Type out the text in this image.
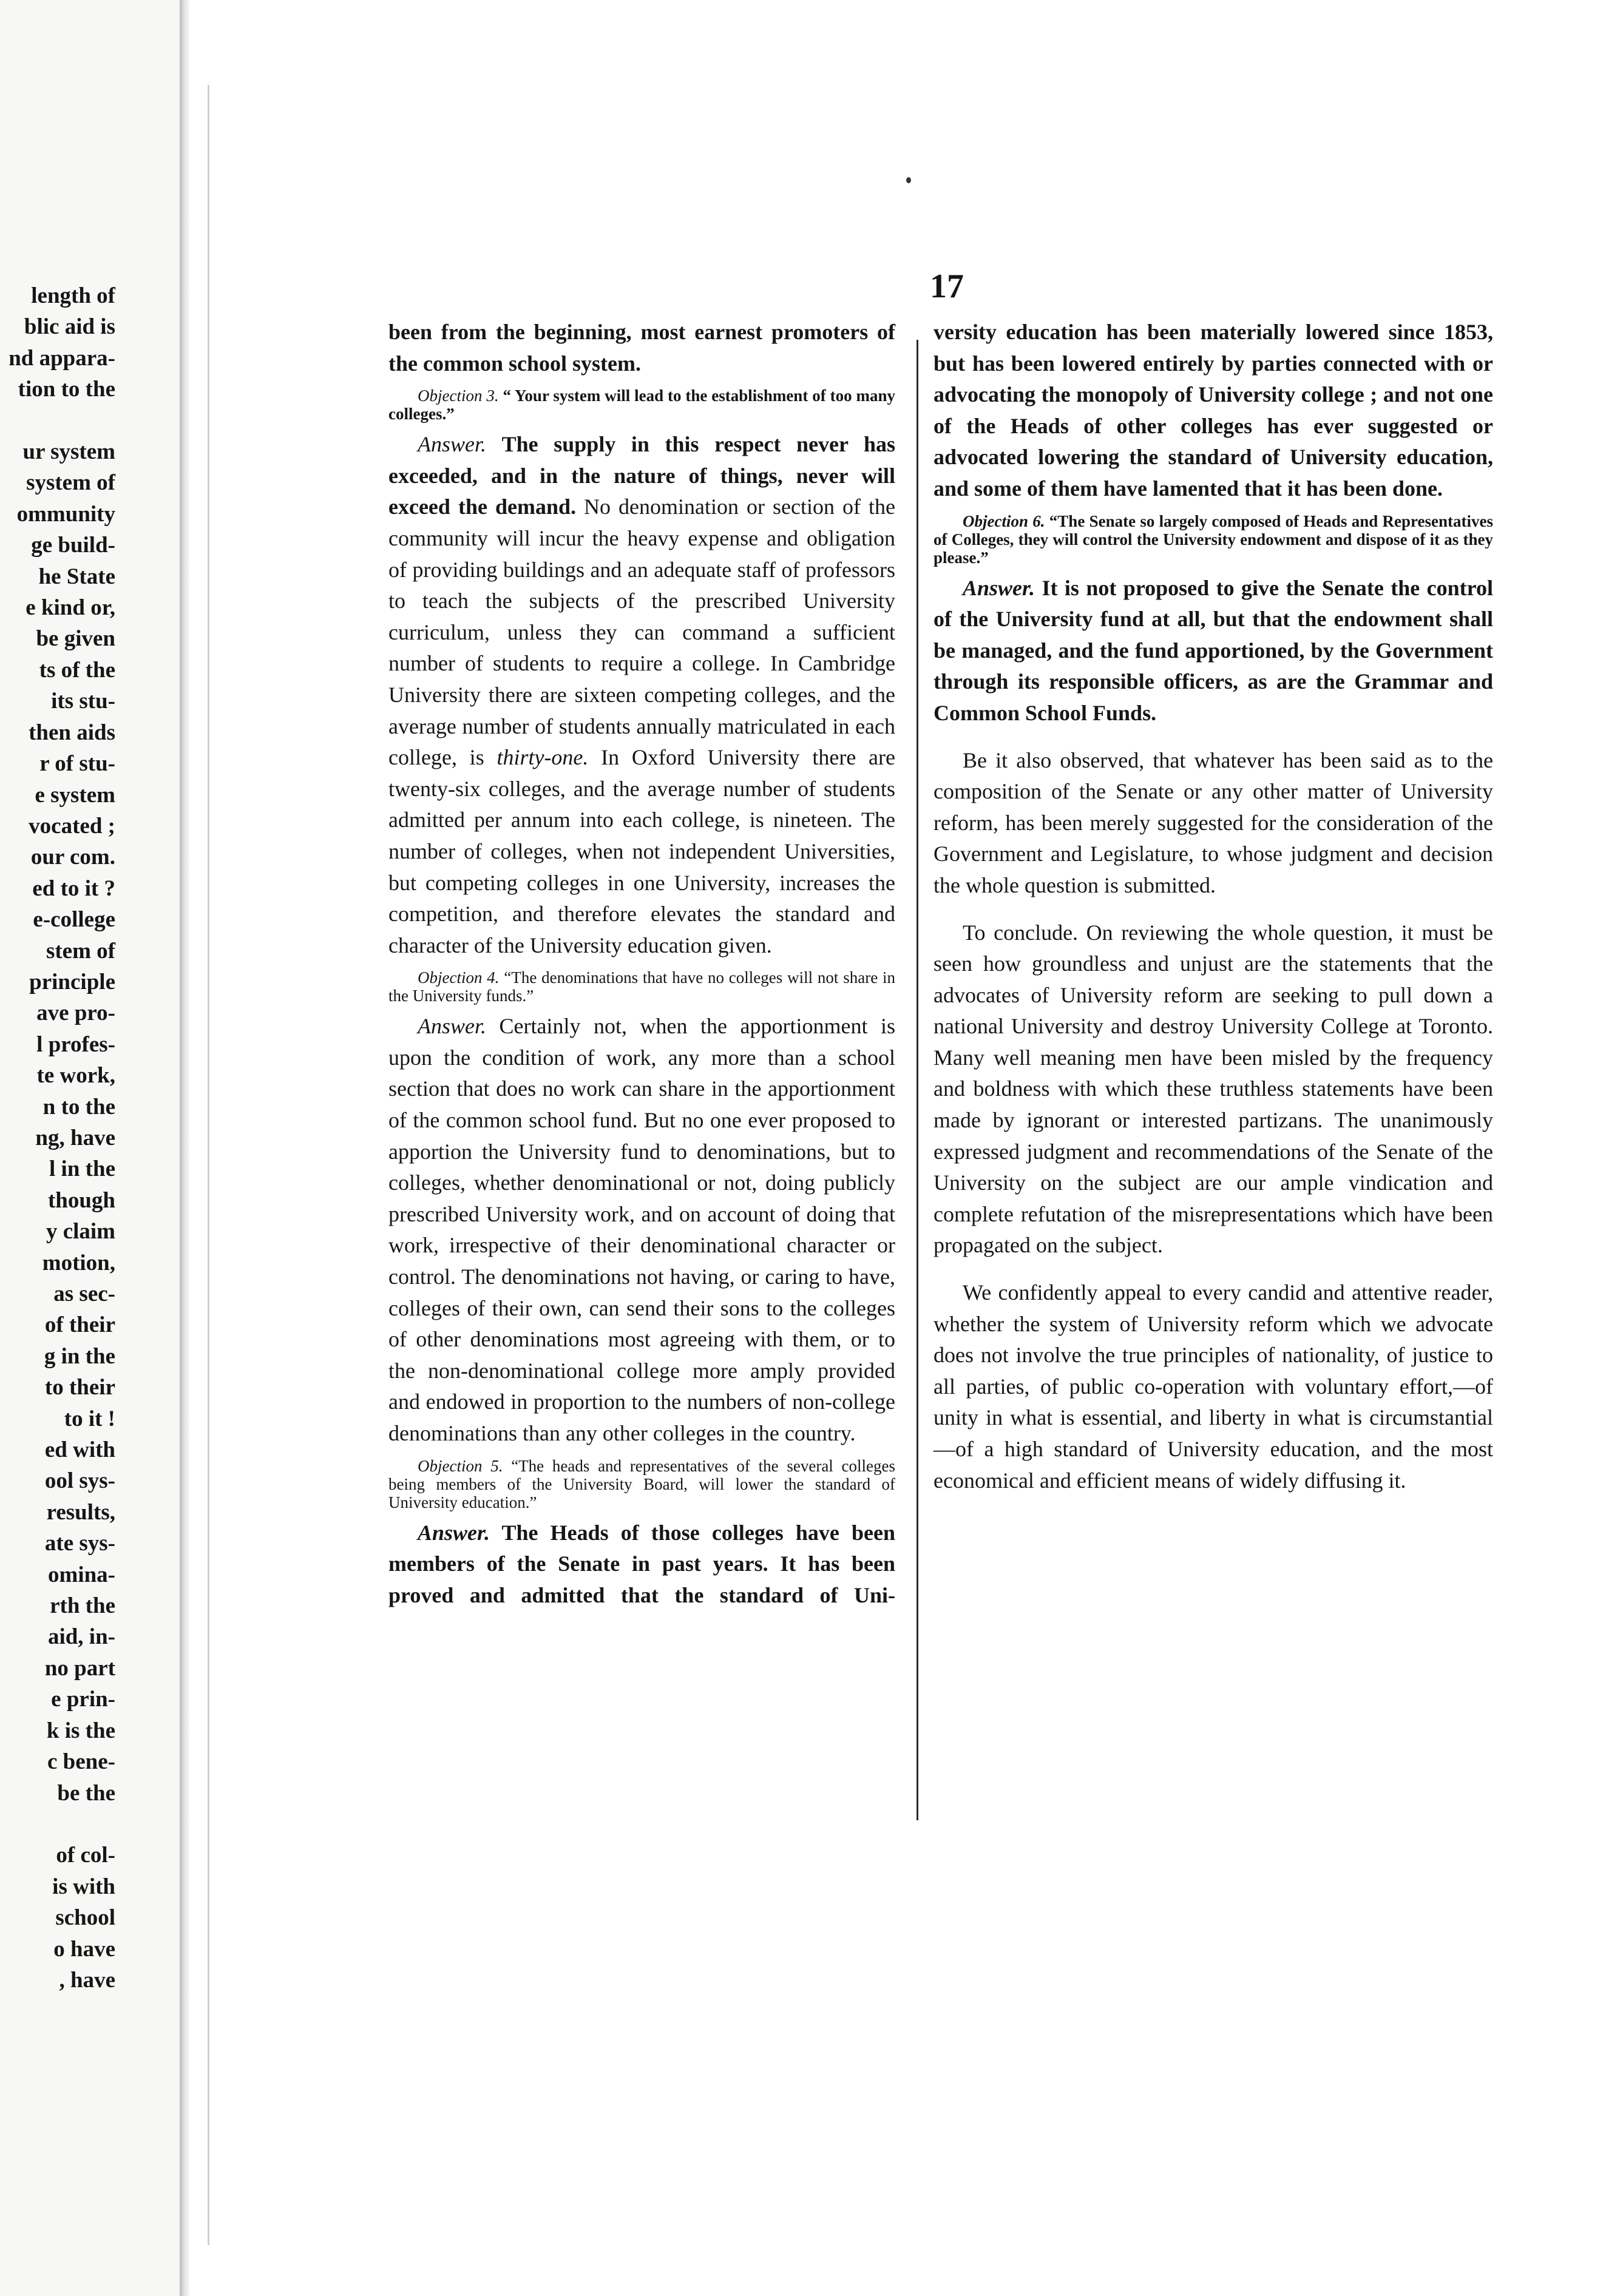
length of
blic aid is
nd appara-
tion to the

ur system
system of
ommunity
ge build-
he State
e kind or,
be given
ts of the
its stu-
then aids
r of stu-
e system
vocated ;
our com.
ed to it ?
e-college
stem of
principle
ave pro-
l profes-
te work,
n to the
ng, have
l in the
though
y claim
motion,
as sec-
of their
g in the
to their
to it !
ed with
ool sys-
results,
ate sys-
omina-
rth the
aid, in-
no part
e prin-
k is the
c bene-
be the

of col-
is with
school
o have
, have
17

been from the beginning, most earnest promoters of

the common school system.

Objection 3. “ Your system will lead to the establishment of too many colleges.”

Answer. The supply in this respect never has exceeded, and in the nature of things, never will exceed the demand. No denomination or section of the community will incur the heavy expense and obligation of providing buildings and an adequate staff of professors to teach the subjects of the prescribed University curriculum, unless they can command a sufficient number of students to require a college. In Cambridge University there are sixteen competing colleges, and the average number of students annually matriculated in each college, is thirty-one. In Oxford University there are twenty-six colleges, and the average number of students admitted per annum into each college, is nineteen. The number of colleges, when not independent Universities, but competing colleges in one University, increases the competition, and therefore elevates the standard and character of the University education given.

Objection 4. “The denominations that have no colleges will not share in the University funds.”

Answer. Certainly not, when the apportionment is upon the condition of work, any more than a school section that does no work can share in the apportionment of the common school fund. But no one ever proposed to apportion the University fund to denominations, but to colleges, whether denominational or not, doing publicly prescribed University work, and on account of doing that work, irrespective of their denominational character or control. The denominations not having, or caring to have, colleges of their own, can send their sons to the colleges of other denominations most agreeing with them, or to the non-denominational college more amply provided and endowed in proportion to the numbers of non-college denominations than any other colleges in the country.

Objection 5. “The heads and representatives of the several colleges being members of the University Board, will lower the standard of University education.”

Answer. The Heads of those colleges have been members of the Senate in past years. It has been proved and admitted that the standard of Uni-

versity education has been materially lowered since 1853, but has been lowered entirely by parties connected with or advocating the monopoly of University college ; and not one of the Heads of other colleges has ever suggested or advocated lowering the standard of University education, and some of them have lamented that it has been done.

Objection 6. “The Senate so largely composed of Heads and Representatives of Colleges, they will control the University endowment and dispose of it as they please.”

Answer. It is not proposed to give the Senate the control of the University fund at all, but that the endowment shall be managed, and the fund apportioned, by the Government through its responsible officers, as are the Grammar and Common School Funds.

Be it also observed, that whatever has been said as to the composition of the Senate or any other matter of University reform, has been merely suggested for the consideration of the Government and Legislature, to whose judgment and decision the whole question is submitted.

To conclude. On reviewing the whole question, it must be seen how groundless and unjust are the statements that the advocates of University reform are seeking to pull down a national University and destroy University College at Toronto. Many well meaning men have been misled by the frequency and boldness with which these truthless statements have been made by ignorant or interested partizans. The unanimously expressed judgment and recommendations of the Senate of the University on the subject are our ample vindication and complete refutation of the misrepresentations which have been propagated on the subject.

We confidently appeal to every candid and attentive reader, whether the system of University reform which we advocate does not involve the true principles of nationality, of justice to all parties, of public co-operation with voluntary effort,—of unity in what is essential, and liberty in what is circumstantial—of a high standard of University education, and the most economical and efficient means of widely diffusing it.
